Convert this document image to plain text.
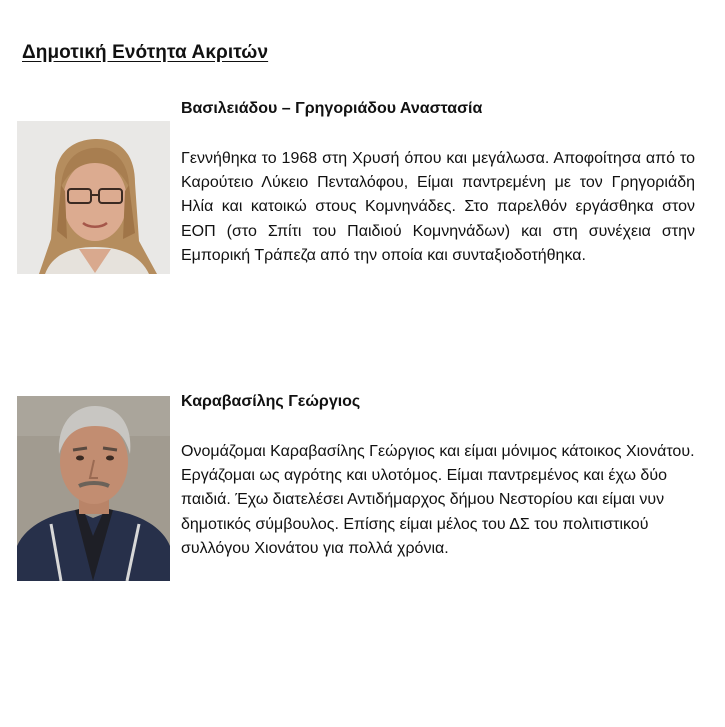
Δημοτική Ενότητα Ακριτών
Βασιλειάδου – Γρηγοριάδου Αναστασία

Γεννήθηκα το 1968 στη Χρυσή όπου και μεγάλωσα. Αποφοίτησα από το Καρούτειο Λύκειο Πενταλόφου, Είμαι παντρεμένη με τον Γρηγοριάδη Ηλία και κατοικώ στους Κομνηνάδες. Στο παρελθόν εργάσθηκα στον ΕΟΠ (στο Σπίτι του Παιδιού Κομνηνάδων) και στη συνέχεια στην Εμπορική Τράπεζα από την οποία και συνταξιοδοτήθηκα.

Καραβασίλης Γεώργιος

Ονομάζομαι Καραβασίλης Γεώργιος και είμαι μόνιμος κάτοικος Χιονάτου. Εργάζομαι ως αγρότης και υλοτόμος. Είμαι παντρεμένος και έχω δύο παιδιά. Έχω διατελέσει Αντιδήμαρχος δήμου Νεστορίου και είμαι νυν δημοτικός σύμβουλος. Επίσης είμαι μέλος του ΔΣ του πολιτιστικού συλλόγου Χιονάτου για πολλά χρόνια.
